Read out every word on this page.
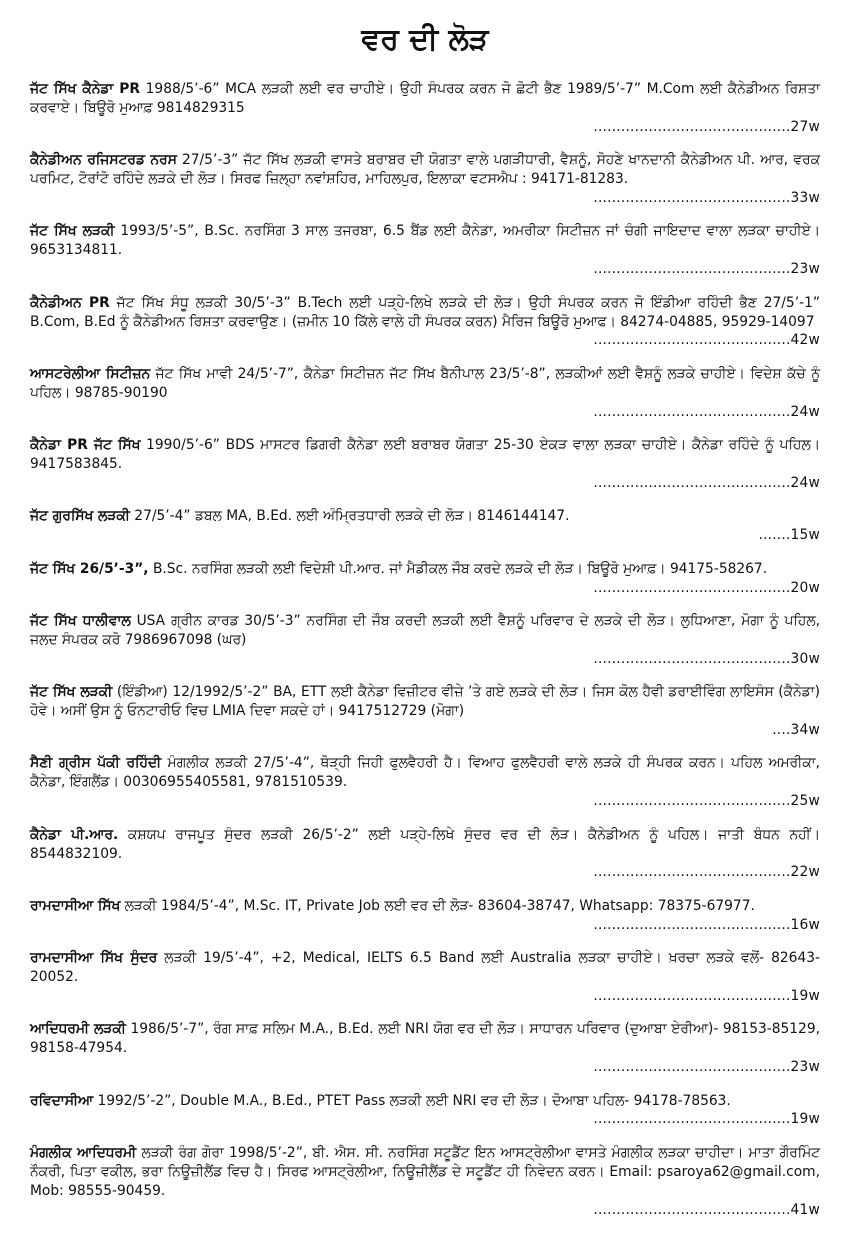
ਵਰ ਦੀ ਲੋੜ
ਜੱਟ ਸਿੱਖ ਕੈਨੇਡਾ PR 1988/5’-6” MCA ਲੜਕੀ ਲਈ ਵਰ ਚਾਹੀਏ। ਉਹੀ ਸੰਪਰਕ ਕਰਨ ਜੋ ਛੋਟੀ ਭੈਣ 1989/5’-7” M.Com ਲਈ ਕੈਨੇਡੀਅਨ ਰਿਸ਼ਤਾ ਕਰਵਾਏ। ਬਿਊਰੋ ਮੁਆਫ਼ 9814829315
...........................................27w
ਕੈਨੇਡੀਅਨ ਰਜਿਸਟਰਡ ਨਰਸ 27/5’-3” ਜੱਟ ਸਿੱਖ ਲੜਕੀ ਵਾਸਤੇ ਬਰਾਬਰ ਦੀ ਯੋਗਤਾ ਵਾਲੇ ਪਗੜੀਧਾਰੀ, ਵੈਸ਼ਨੂੰ, ਸੋਹਣੇ ਖਾਨਦਾਨੀ ਕੈਨੇਡੀਅਨ ਪੀ. ਆਰ, ਵਰਕ ਪਰਮਿਟ, ਟੋਰਾਂਟੋ ਰਹਿੰਦੇ ਲੜਕੇ ਦੀ ਲੋੜ। ਸਿਰਫ ਜ਼ਿਲ੍ਹਾ ਨਵਾਂਸ਼ਹਿਰ, ਮਾਹਿਲਪੁਰ, ਇਲਾਕਾ ਵਟਸਐਪ : 94171-81283.
...........................................33w
ਜੱਟ ਸਿੱਖ ਲੜਕੀ 1993/5’-5”, B.Sc. ਨਰਸਿੰਗ 3 ਸਾਲ ਤਜਰਬਾ, 6.5 ਬੈਂਡ ਲਈ ਕੈਨੇਡਾ, ਅਮਰੀਕਾ ਸਿਟੀਜ਼ਨ ਜਾਂ ਚੰਗੀ ਜਾਇਦਾਦ ਵਾਲਾ ਲੜਕਾ ਚਾਹੀਏ। 9653134811.
...........................................23w
ਕੈਨੇਡੀਅਨ PR ਜੱਟ ਸਿੱਖ ਸੰਧੂ ਲੜਕੀ 30/5’-3” B.Tech ਲਈ ਪੜ੍ਹੇ-ਲਿਖੇ ਲੜਕੇ ਦੀ ਲੋੜ। ਉਹੀ ਸੰਪਰਕ ਕਰਨ ਜੋ ਇੰਡੀਆ ਰਹਿੰਦੀ ਭੈਣ 27/5’-1” B.Com, B.Ed ਨੂੰ ਕੈਨੇਡੀਅਨ ਰਿਸ਼ਤਾ ਕਰਵਾਉਣ। (ਜ਼ਮੀਨ 10 ਕਿੱਲੇ ਵਾਲੇ ਹੀ ਸੰਪਰਕ ਕਰਨ) ਮੈਰਿਜ ਬਿਊਰੋ ਮੁਆਫ। 84274-04885, 95929-14097
...........................................42w
ਆਸਟਰੇਲੀਆ ਸਿਟੀਜ਼ਨ ਜੱਟ ਸਿੱਖ ਮਾਵੀ 24/5’-7”, ਕੈਨੇਡਾ ਸਿਟੀਜ਼ਨ ਜੱਟ ਸਿੱਖ ਬੈਨੀਪਾਲ 23/5’-8”, ਲੜਕੀਆਂ ਲਈ ਵੈਸ਼ਨੂੰ ਲੜਕੇ ਚਾਹੀਏ। ਵਿਦੇਸ਼ ਕੱਚੇ ਨੂੰ ਪਹਿਲ। 98785-90190
...........................................24w
ਕੈਨੇਡਾ PR ਜੱਟ ਸਿੱਖ 1990/5’-6” BDS ਮਾਸਟਰ ਡਿਗਰੀ ਕੈਨੇਡਾ ਲਈ ਬਰਾਬਰ ਯੋਗਤਾ 25-30 ਏਕੜ ਵਾਲਾ ਲੜਕਾ ਚਾਹੀਏ। ਕੈਨੇਡਾ ਰਹਿੰਦੇ ਨੂੰ ਪਹਿਲ। 9417583845.
...........................................24w
ਜੱਟ ਗੁਰਸਿੱਖ ਲੜਕੀ 27/5’-4” ਡਬਲ MA, B.Ed. ਲਈ ਅੰਮ੍ਰਿਤਧਾਰੀ ਲੜਕੇ ਦੀ ਲੋੜ। 8146144147.
.......15w
ਜੱਟ ਸਿੱਖ 26/5’-3”, B.Sc. ਨਰਸਿੰਗ ਲੜਕੀ ਲਈ ਵਿਦੇਸ਼ੀ ਪੀ.ਆਰ. ਜਾਂ ਮੈਡੀਕਲ ਜੌਬ ਕਰਦੇ ਲੜਕੇ ਦੀ ਲੋੜ। ਬਿਊਰੋ ਮੁਆਫ਼। 94175-58267.
...........................................20w
ਜੱਟ ਸਿੱਖ ਧਾਲੀਵਾਲ USA ਗ੍ਰੀਨ ਕਾਰਡ 30/5’-3” ਨਰਸਿੰਗ ਦੀ ਜੌਬ ਕਰਦੀ ਲੜਕੀ ਲਈ ਵੈਸ਼ਨੂੰ ਪਰਿਵਾਰ ਦੇ ਲੜਕੇ ਦੀ ਲੋੜ। ਲੁਧਿਆਣਾ, ਮੋਗਾ ਨੂੰ ਪਹਿਲ, ਜਲਦ ਸੰਪਰਕ ਕਰੋ 7986967098 (ਘਰ)
...........................................30w
ਜੱਟ ਸਿੱਖ ਲੜਕੀ (ਇੰਡੀਆ) 12/1992/5’-2” BA, ETT ਲਈ ਕੈਨੇਡਾ ਵਿਜ਼ੀਟਰ ਵੀਜ਼ੇ ’ਤੇ ਗਏ ਲੜਕੇ ਦੀ ਲੋੜ। ਜਿਸ ਕੋਲ ਹੈਵੀ ਡਰਾਈਵਿੰਗ ਲਾਇਸੰਸ (ਕੈਨੇਡਾ) ਹੋਵੇ। ਅਸੀਂ ਉਸ ਨੂੰ ਓਨਟਾਰੀਓ ਵਿਚ LMIA ਦਿਵਾ ਸਕਦੇ ਹਾਂ। 9417512729 (ਮੋਗਾ)
....34w
ਸੈਣੀ ਗ੍ਰੀਸ ਪੱਕੀ ਰਹਿੰਦੀ ਮੰਗਲੀਕ ਲੜਕੀ 27/5’-4”, ਥੋੜ੍ਹੀ ਜਿਹੀ ਫੁਲਵੈਹਰੀ ਹੈ। ਵਿਆਹ ਫੁਲਵੈਹਰੀ ਵਾਲੇ ਲੜਕੇ ਹੀ ਸੰਪਰਕ ਕਰਨ। ਪਹਿਲ ਅਮਰੀਕਾ, ਕੈਨੇਡਾ, ਇੰਗਲੈਂਡ। 00306955405581, 9781510539.
...........................................25w
ਕੈਨੇਡਾ ਪੀ.ਆਰ. ਕਸ਼ਯਪ ਰਾਜਪੂਤ ਸੁੰਦਰ ਲੜਕੀ 26/5’-2” ਲਈ ਪੜ੍ਹੇ-ਲਿਖੇ ਸੁੰਦਰ ਵਰ ਦੀ ਲੋੜ। ਕੈਨੇਡੀਅਨ ਨੂੰ ਪਹਿਲ। ਜਾਤੀ ਬੰਧਨ ਨਹੀਂ। 8544832109.
...........................................22w
ਰਾਮਦਾਸੀਆ ਸਿੱਖ ਲੜਕੀ 1984/5’-4”, M.Sc. IT, Private Job ਲਈ ਵਰ ਦੀ ਲੋੜ- 83604-38747, Whatsapp: 78375-67977.
...........................................16w
ਰਾਮਦਾਸੀਆ ਸਿੱਖ ਸੁੰਦਰ ਲੜਕੀ 19/5’-4”, +2, Medical, IELTS 6.5 Band ਲਈ Australia ਲੜਕਾ ਚਾਹੀਏ। ਖ਼ਰਚਾ ਲੜਕੇ ਵਲੋਂ- 82643-20052.
...........................................19w
ਆਦਿਧਰਮੀ ਲੜਕੀ 1986/5’-7”, ਰੰਗ ਸਾਫ਼ ਸਲਿਮ M.A., B.Ed. ਲਈ NRI ਯੋਗ ਵਰ ਦੀ ਲੋੜ। ਸਾਧਾਰਨ ਪਰਿਵਾਰ (ਦੁਆਬਾ ਏਰੀਆ)- 98153-85129, 98158-47954.
...........................................23w
ਰਵਿਦਾਸੀਆ 1992/5’-2”, Double M.A., B.Ed., PTET Pass ਲੜਕੀ ਲਈ NRI ਵਰ ਦੀ ਲੋੜ। ਦੋਆਬਾ ਪਹਿਲ- 94178-78563.
...........................................19w
ਮੰਗਲੀਕ ਆਦਿਧਰਮੀ ਲੜਕੀ ਰੰਗ ਗੋਰਾ 1998/5’-2”, ਬੀ. ਐਸ. ਸੀ. ਨਰਸਿੰਗ ਸਟੂਡੈਂਟ ਇਨ ਆਸਟ੍ਰੇਲੀਆ ਵਾਸਤੇ ਮੰਗਲੀਕ ਲੜਕਾ ਚਾਹੀਦਾ। ਮਾਤਾ ਗੌਰਮਿੰਟ ਨੌਕਰੀ, ਪਿਤਾ ਵਕੀਲ, ਭਰਾ ਨਿਊਜ਼ੀਲੈਂਡ ਵਿਚ ਹੈ। ਸਿਰਫ ਆਸਟ੍ਰੇਲੀਆ, ਨਿਊਜ਼ੀਲੈਂਡ ਦੇ ਸਟੂਡੈਂਟ ਹੀ ਨਿਵੇਦਨ ਕਰਨ। Email: psaroya62@gmail.com, Mob: 98555-90459.
...........................................41w
